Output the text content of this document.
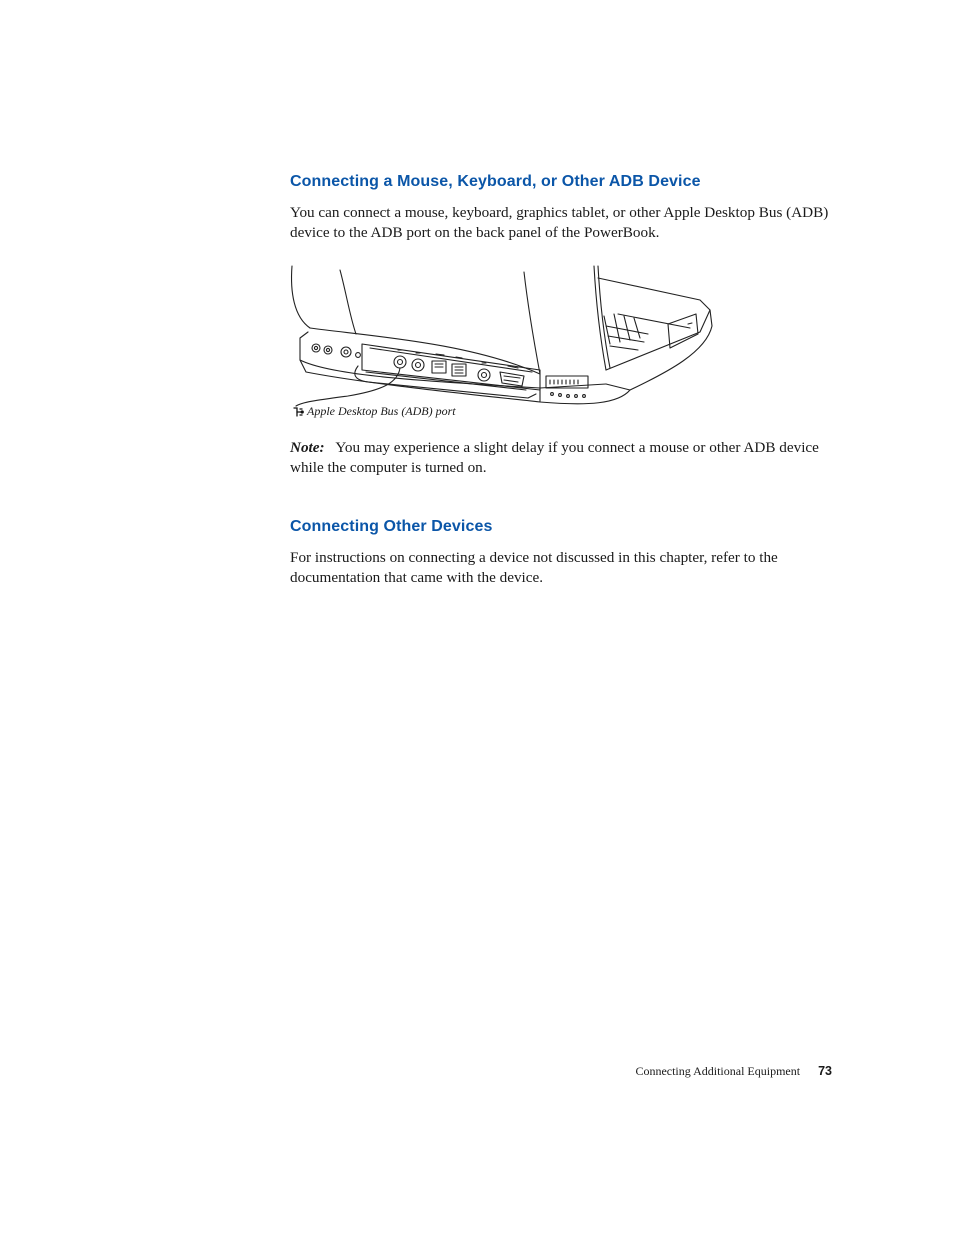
Connecting a Mouse, Keyboard, or Other ADB Device

You can connect a mouse, keyboard, graphics tablet, or other Apple Desktop Bus (ADB) device to the ADB port on the back panel of the PowerBook.

Apple Desktop Bus (ADB) port

Note: You may experience a slight delay if you connect a mouse or other ADB device while the computer is turned on.

Connecting Other Devices

For instructions on connecting a device not discussed in this chapter, refer to the documentation that came with the device.

Connecting Additional Equipment 73
